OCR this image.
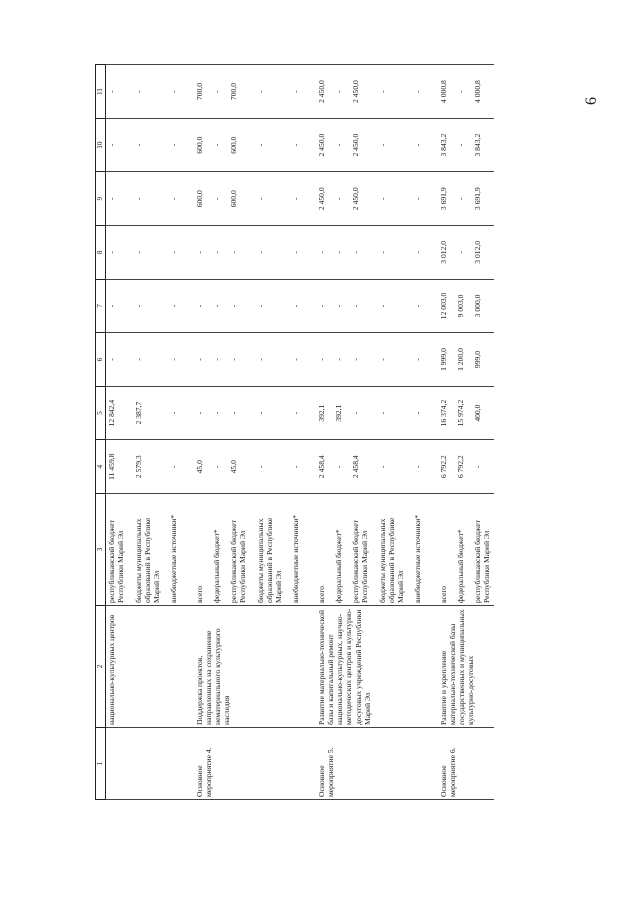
6
1	2	3	4	5	6	7	8	9	10	11
	национально-культурных центров	республиканский бюджет Республики Марий Эл	11 459,8	12 842,4	-	-	-	-	-	-
		бюджеты муниципальных образований в Республике Марий Эл	2 579,3	2 387,7	-	-	-	-	-	-
		внебюджетные источники*	-	-	-	-	-	-	-	-
Основное мероприятие 4.	Поддержка проектов, направленных на сохранение нематериального культурного наследия	всего	45,0	-	-	-	-	600,0	600,0	700,0
		федеральный бюджет*	-	-	-	-	-	-	-	-
		республиканский бюджет Республики Марий Эл	45,0	-	-	-	-	600,0	600,0	700,0
		бюджеты муниципальных образований в Республике Марий Эл	-	-	-	-	-	-	-	-
		внебюджетные источники*	-	-	-	-	-	-	-	-
Основное мероприятие 5.	Развитие материально-технической базы и капитальный ремонт национально-культурных, научно-методических центров и культурно-досуговых учреждений Республики Марий Эл	всего	2 458,4	392,1	-	-	-	2 450,0	2 450,0	2 450,0
		федеральный бюджет*	-	392,1	-	-	-	-	-	-
		республиканский бюджет Республики Марий Эл	2 458,4	-	-	-	-	2 450,0	2 450,0	2 450,0
		бюджеты муниципальных образований в Республике Марий Эл	-	-	-	-	-	-	-	-
		внебюджетные источники*	-	-	-	-	-	-	-	-
Основное мероприятие 6.	Развитие и укрепление материально-технической базы государственных и муниципальных культурно-досуговых	всего	6 792,2	16 374,2	1 999,0	12 003,0	3 012,0	3 691,9	3 843,2	4 000,8
		федеральный бюджет*	6 792,2	15 974,2	1 200,0	9 003,0	-	-	-	-
		республиканский бюджет Республики Марий Эл	-	400,0	999,0	3 000,0	3 012,0	3 691,9	3 843,2	4 000,8
